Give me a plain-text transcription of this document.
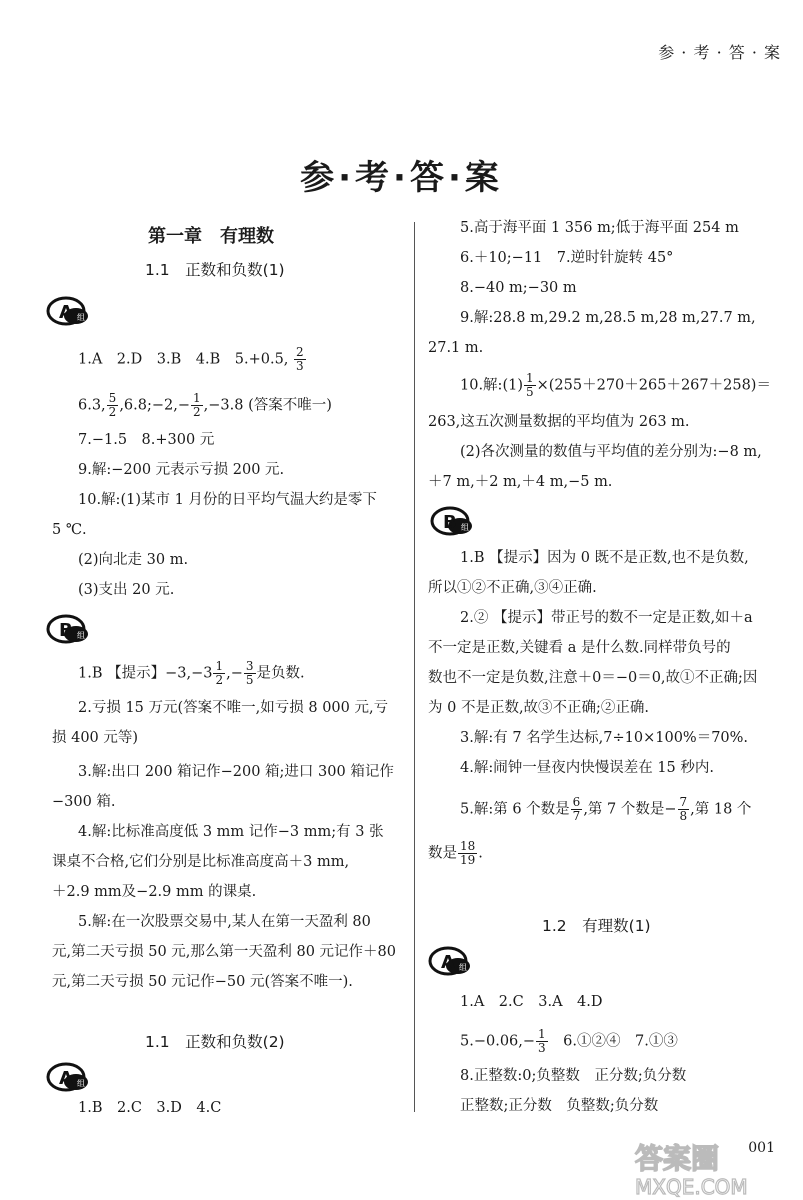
参 · 考 · 答 · 案
参·考·答·案
第一章　有理数
1.1　正数和负数(1)
A 组
1.A　2.D　3.B　4.B　5.+0.5, $\frac{2}{3}$
6.3, $\frac{5}{2}$ ,6.8;−2,− $\frac{1}{2} ,-3.8$ (答案不唯一)
7.−1.5　8.+300 元
9.解:−200 元表示亏损 200 元.
10.解:(1)某市 1 月份的日平均气温大约是零下
5 ℃.
(2)向北走 30 m.
(3)支出 20 元.
B 组
1.B 【提示】$-3,-3 \frac{1}{2}$ ,− $\frac{3}{5}$ 是负数.
2.亏损 15 万元(答案不唯一,如亏损 8 000 元,亏
损 400 元等)
3.解:出口 200 箱记作−200 箱;进口 300 箱记作
−300 箱.
4.解:比标准高度低 3 mm 记作−3 mm;有 3 张
课桌不合格,它们分别是比标准高度高＋3 mm,
＋2.9 mm及−2.9 mm 的课桌.
5.解:在一次股票交易中,某人在第一天盈利 80
元,第二天亏损 50 元,那么第一天盈利 80 元记作＋80
元,第二天亏损 50 元记作−50 元(答案不唯一).
1.1　正数和负数(2)
A 组
1.B　2.C　3.D　4.C
5.高于海平面 1 356 m;低于海平面 254 m
6.＋10;−11　7.逆时针旋转 45°
8.−40 m;−30 m
9.解:28.8 m,29.2 m,28.5 m,28 m,27.7 m,
27.1 m.
10.解:(1) $\frac{1}{5} \times(255+270+265+267+258)=$
263,这五次测量数据的平均值为 263 m.
(2)各次测量的数值与平均值的差分别为:−8 m,
＋7 m,＋2 m,＋4 m,−5 m.
B 组
1.B 【提示】因为 0 既不是正数,也不是负数,
所以①②不正确,③④正确.
2.② 【提示】带正号的数不一定是正数,如＋a
不一定是正数,关键看 a 是什么数.同样带负号的
数也不一定是负数,注意＋0＝−0＝0,故①不正确;因
为 0 不是正数,故③不正确;②正确.
3.解:有 7 名学生达标,7÷10×100%＝70%.
4.解:闹钟一昼夜内快慢误差在 15 秒内.
5.解:第 6 个数是 $\frac{6}{7}$ ,第 7 个数是− $\frac{7}{8}$ ,第 18 个
数是 $\frac{18}{19}$ .
1.2　有理数(1)
A 组
1.A　2.C　3.A　4.D
$5.-0.06,- \frac{1}{3}$ 　6.①②④　7.①③
8.正整数:0;负整数　正分数;负分数
正整数;正分数　负整数;负分数
答案圈
MXQE.COM
001
